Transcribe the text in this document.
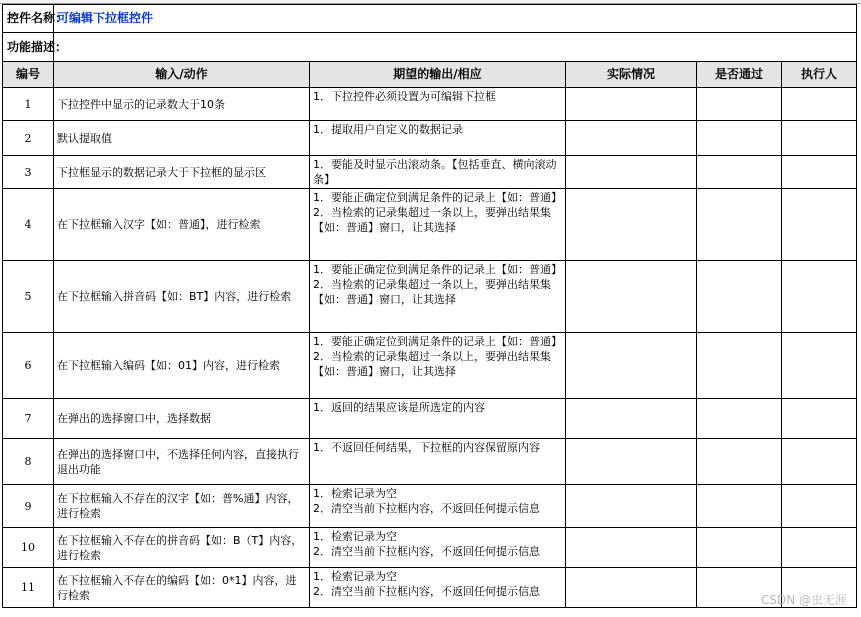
控件名称：	可编辑下拉框控件				
功能描述：					
编号	输入/动作	期望的输出/相应	实际情况	是否通过	执行人
1	下拉控件中显示的记录数大于10条	1．下拉控件必须设置为可编辑下拉框			
2	默认提取值	1．提取用户自定义的数据记录			
3	下拉框显示的数据记录大于下拉框的显示区	1．要能及时显示出滚动条。【包括垂直、横向滚动条】			
4	在下拉框输入汉字【如：普通】，进行检索	1．要能正确定位到满足条件的记录上【如：普通】
2．当检索的记录集超过一条以上，要弹出结果集【如：普通】窗口，让其选择			
5	在下拉框输入拼音码【如：BT】内容，进行检索	1．要能正确定位到满足条件的记录上【如：普通】
2．当检索的记录集超过一条以上，要弹出结果集【如：普通】窗口，让其选择			
6	在下拉框输入编码【如：01】内容，进行检索	1．要能正确定位到满足条件的记录上【如：普通】
2．当检索的记录集超过一条以上，要弹出结果集【如：普通】窗口，让其选择			
7	在弹出的选择窗口中，选择数据	1．返回的结果应该是所选定的内容			
8	在弹出的选择窗口中，不选择任何内容，直接执行退出功能	1．不返回任何结果，下拉框的内容保留原内容			
9	在下拉框输入不存在的汉字【如：普%通】内容，进行检索	1．检索记录为空
2．清空当前下拉框内容，不返回任何提示信息			
10	在下拉框输入不存在的拼音码【如：B（T】内容，进行检索	1．检索记录为空
2．清空当前下拉框内容，不返回任何提示信息			
11	在下拉框输入不存在的编码【如：0*1】内容，进行检索	1．检索记录为空
2．清空当前下拉框内容，不返回任何提示信息			
CSDN @虫无涯
